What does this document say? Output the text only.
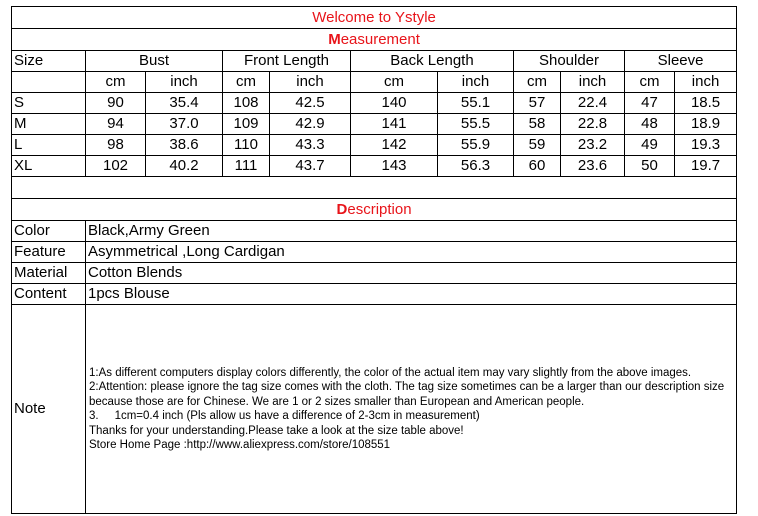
Welcome to Ystyle										
Measurement										
Size	Bust		Front Length		Back Length		Shoulder		Sleeve	
	cm	inch	cm	inch	cm	inch	cm	inch	cm	inch
S	90	35.4	108	42.5	140	55.1	57	22.4	47	18.5
M	94	37.0	109	42.9	141	55.5	58	22.8	48	18.9
L	98	38.6	110	43.3	142	55.9	59	23.2	49	19.3
XL	102	40.2	111	43.7	143	56.3	60	23.6	50	19.7

Description										
Color	Black,Army Green									
Feature	Asymmetrical ,Long Cardigan									
Material	Cotton Blends									
Content	1pcs Blouse									
Note	1:As different computers display colors differently, the color of the actual item may vary slightly from the above images.
2:Attention: please ignore the tag size comes with the cloth. The tag size sometimes can be a larger than our description size because those are for Chinese. We are 1 or 2 sizes smaller than European and American people.
3.     1cm=0.4 inch (Pls allow us have a difference of 2-3cm in measurement)
Thanks for your understanding.Please take a look at the size table above!
Store Home Page :http://www.aliexpress.com/store/108551									
